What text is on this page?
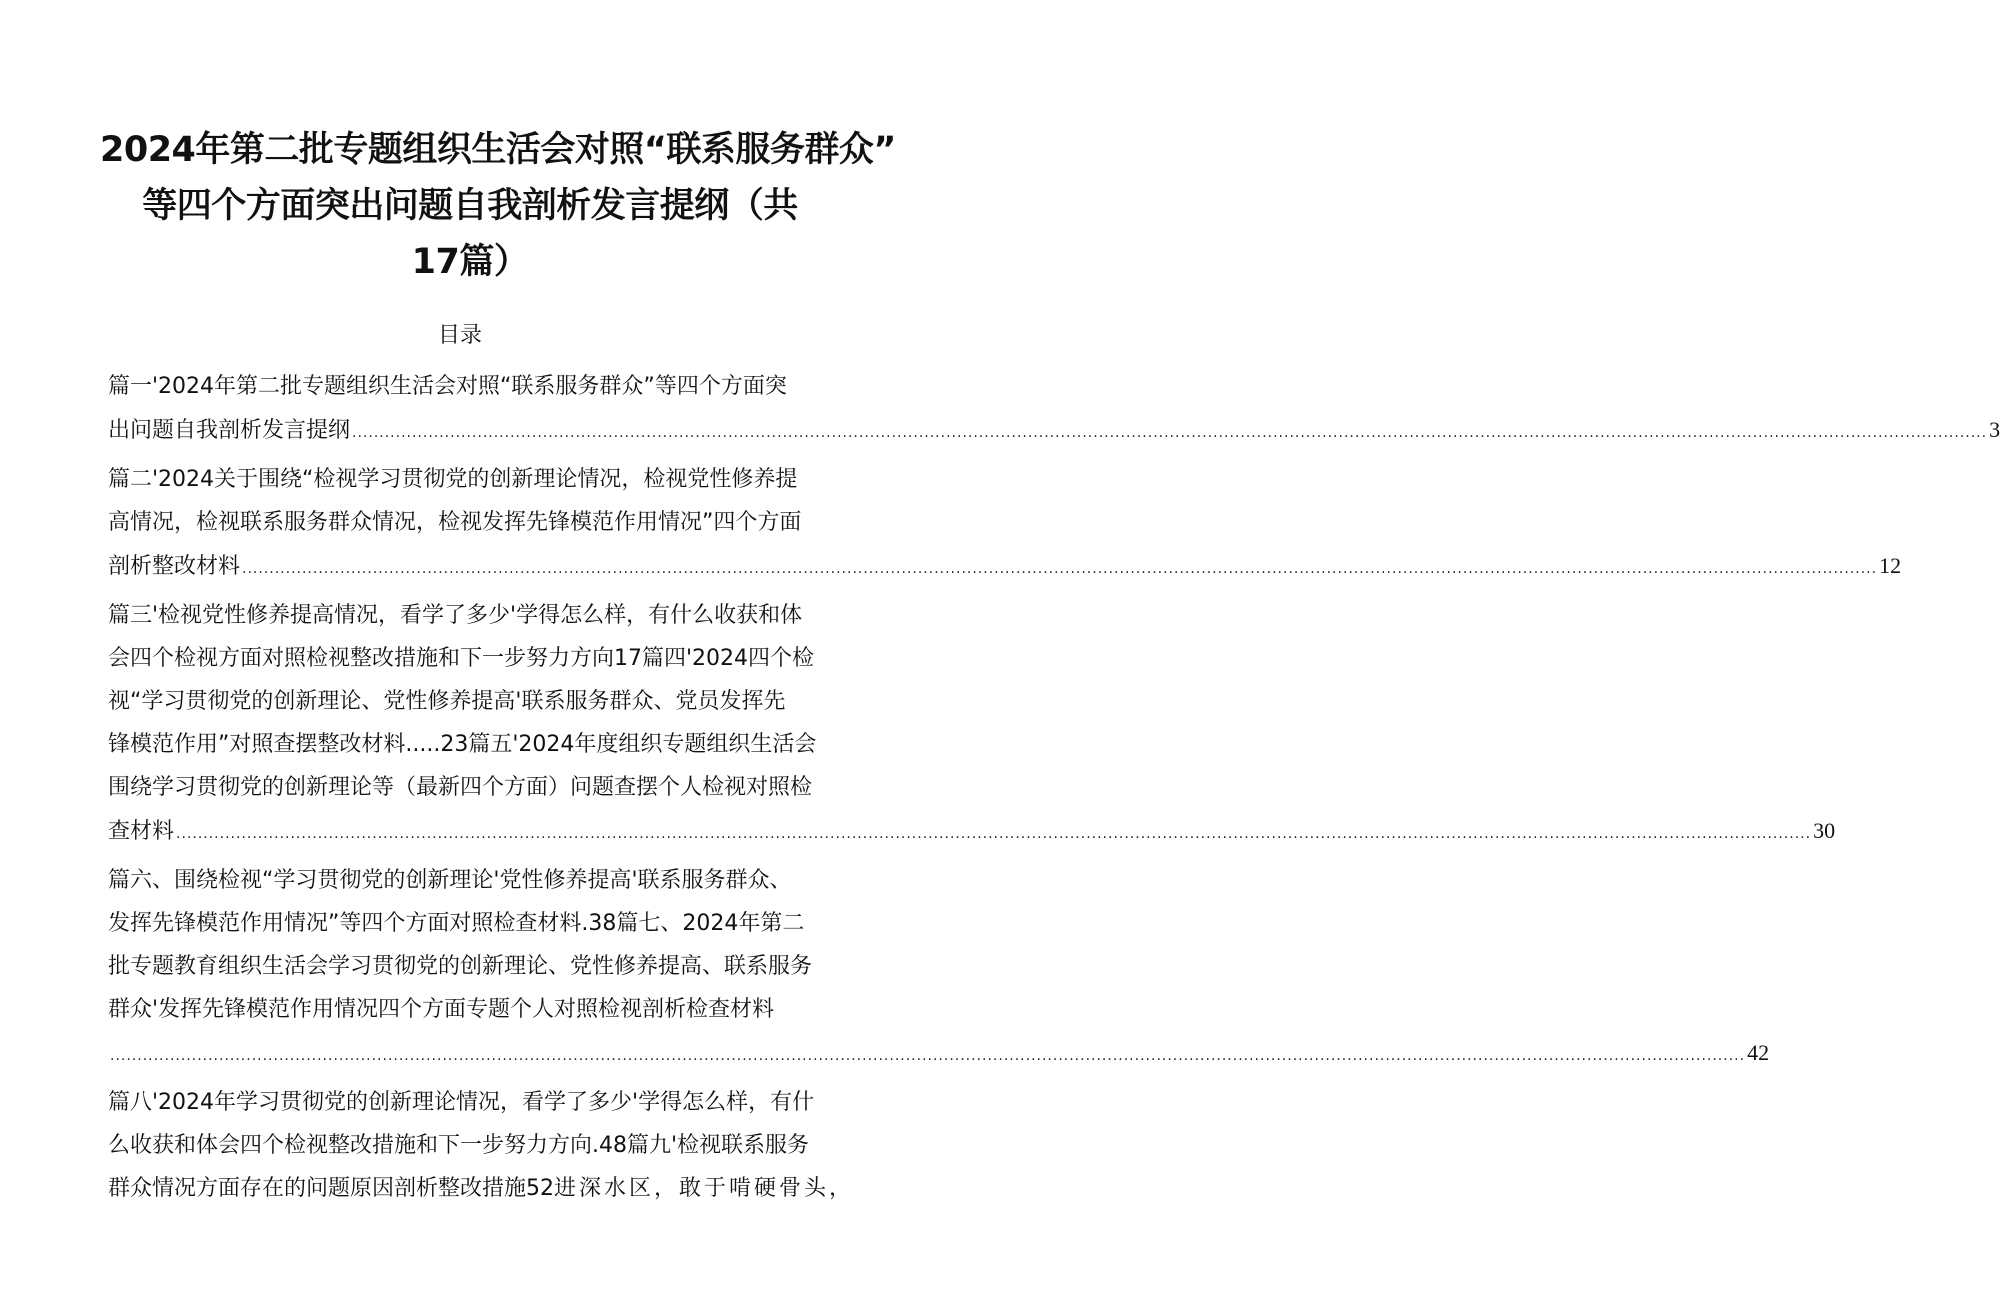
2024年第二批专题组织生活会对照“联系服务群众”
等四个方面突出问题自我剖析发言提纲（共
17篇）
目录
篇一'2024年第二批专题组织生活会对照“联系服务群众”等四个方面突
出问题自我剖析发言提纲 ............................................................................................................................................................................................................................................................................................................ 3
篇二'2024关于围绕“检视学习贯彻党的创新理论情况，检视党性修养提
高情况，检视联系服务群众情况，检视发挥先锋模范作用情况”四个方面
剖析整改材料 ............................................................................................................................................................................................................................................................................................................ 12
篇三'检视党性修养提高情况，看学了多少'学得怎么样，有什么收获和体
会四个检视方面对照检视整改措施和下一步努力方向17篇四'2024四个检
视“学习贯彻党的创新理论、党性修养提高'联系服务群众、党员发挥先
锋模范作用”对照查摆整改材料.....23篇五'2024年度组织专题组织生活会
围绕学习贯彻党的创新理论等（最新四个方面）问题查摆个人检视对照检
查材料 ............................................................................................................................................................................................................................................................................................................ 30
篇六、围绕检视“学习贯彻党的创新理论'党性修养提高'联系服务群众、
发挥先锋模范作用情况”等四个方面对照检查材料.38篇七、2024年第二
批专题教育组织生活会学习贯彻党的创新理论、党性修养提高、联系服务
群众'发挥先锋模范作用情况四个方面专题个人对照检视剖析检查材料
............................................................................................................................................................................................................................................................................................................ 42
篇八'2024年学习贯彻党的创新理论情况，看学了多少'学得怎么样，有什
么收获和体会四个检视整改措施和下一步努力方向.48篇九'检视联系服务
群众情况方面存在的问题原因剖析整改措施52进深水区，敢于啃硬骨头，
